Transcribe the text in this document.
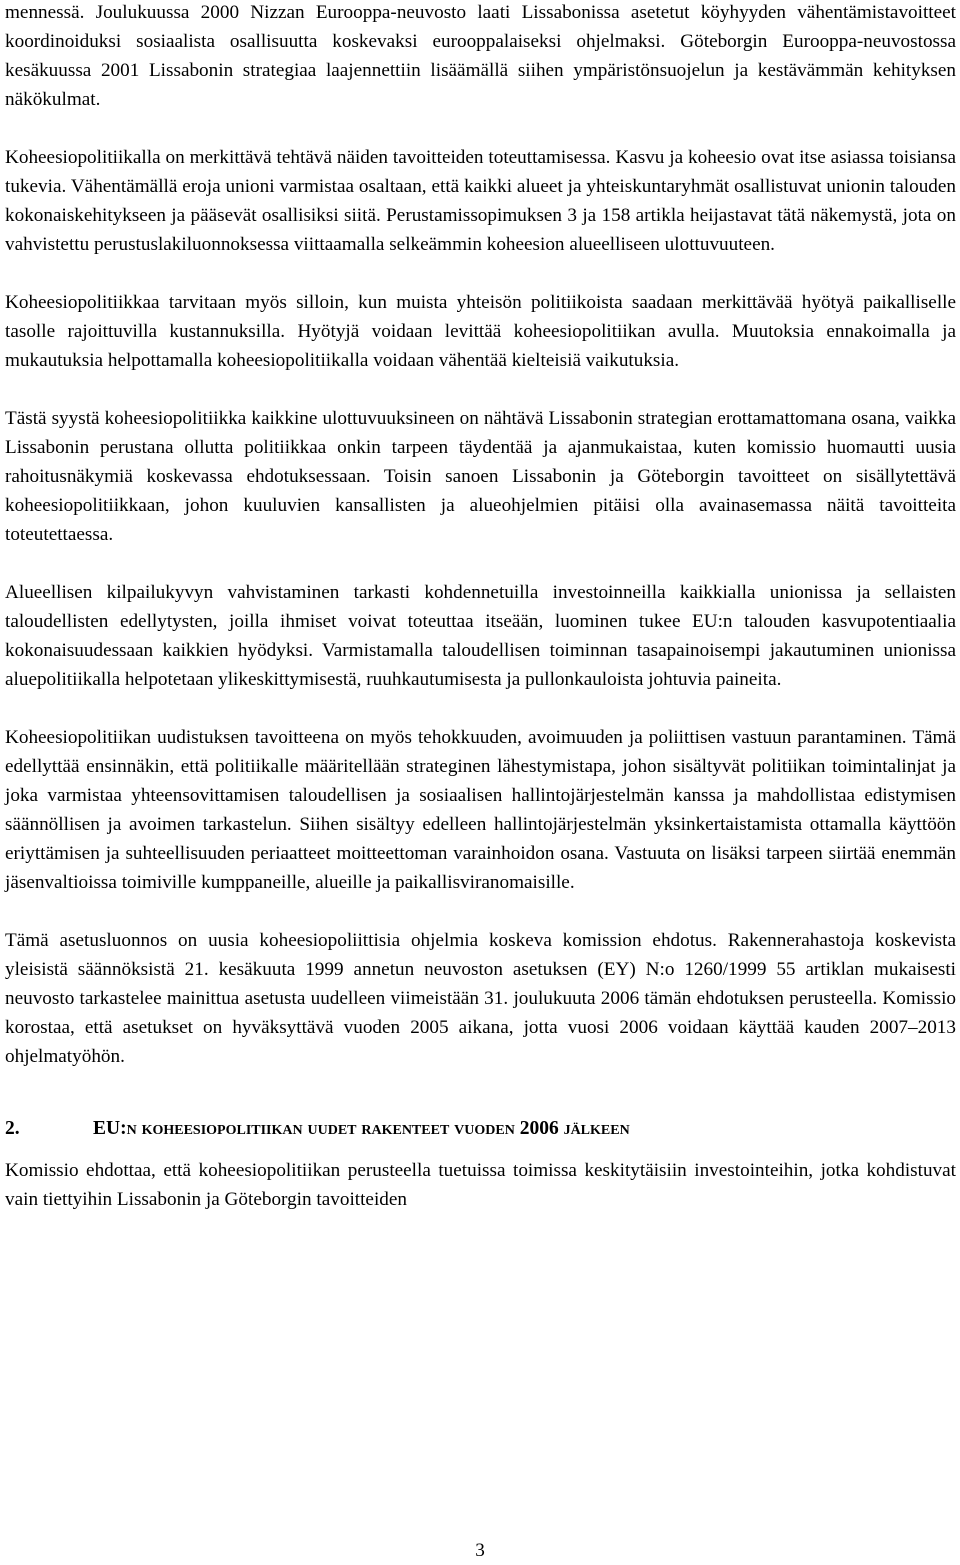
mennessä. Joulukuussa 2000 Nizzan Eurooppa-neuvosto laati Lissabonissa asetetut köyhyyden vähentämistavoitteet koordinoiduksi sosiaalista osallisuutta koskevaksi eurooppalaiseksi ohjelmaksi. Göteborgin Eurooppa-neuvostossa kesäkuussa 2001 Lissabonin strategiaa laajennettiin lisäämällä siihen ympäristönsuojelun ja kestävämmän kehityksen näkökulmat.

Koheesiopolitiikalla on merkittävä tehtävä näiden tavoitteiden toteuttamisessa. Kasvu ja koheesio ovat itse asiassa toisiansa tukevia. Vähentämällä eroja unioni varmistaa osaltaan, että kaikki alueet ja yhteiskuntaryhmät osallistuvat unionin talouden kokonaiskehitykseen ja pääsevät osallisiksi siitä. Perustamissopimuksen 3 ja 158 artikla heijastavat tätä näkemystä, jota on vahvistettu perustuslakiluonnoksessa viittaamalla selkeämmin koheesion alueelliseen ulottuvuuteen.

Koheesiopolitiikkaa tarvitaan myös silloin, kun muista yhteisön politiikoista saadaan merkittävää hyötyä paikalliselle tasolle rajoittuvilla kustannuksilla. Hyötyjä voidaan levittää koheesiopolitiikan avulla. Muutoksia ennakoimalla ja mukautuksia helpottamalla koheesiopolitiikalla voidaan vähentää kielteisiä vaikutuksia.

Tästä syystä koheesiopolitiikka kaikkine ulottuvuuksineen on nähtävä Lissabonin strategian erottamattomana osana, vaikka Lissabonin perustana ollutta politiikkaa onkin tarpeen täydentää ja ajanmukaistaa, kuten komissio huomautti uusia rahoitusnäkymiä koskevassa ehdotuksessaan. Toisin sanoen Lissabonin ja Göteborgin tavoitteet on sisällytettävä koheesiopolitiikkaan, johon kuuluvien kansallisten ja alueohjelmien pitäisi olla avainasemassa näitä tavoitteita toteutettaessa.

Alueellisen kilpailukyvyn vahvistaminen tarkasti kohdennetuilla investoinneilla kaikkialla unionissa ja sellaisten taloudellisten edellytysten, joilla ihmiset voivat toteuttaa itseään, luominen tukee EU:n talouden kasvupotentiaalia kokonaisuudessaan kaikkien hyödyksi. Varmistamalla taloudellisen toiminnan tasapainoisempi jakautuminen unionissa aluepolitiikalla helpotetaan ylikeskittymisestä, ruuhkautumisesta ja pullonkauloista johtuvia paineita.

Koheesiopolitiikan uudistuksen tavoitteena on myös tehokkuuden, avoimuuden ja poliittisen vastuun parantaminen. Tämä edellyttää ensinnäkin, että politiikalle määritellään strateginen lähestymistapa, johon sisältyvät politiikan toimintalinjat ja joka varmistaa yhteensovittamisen taloudellisen ja sosiaalisen hallintojärjestelmän kanssa ja mahdollistaa edistymisen säännöllisen ja avoimen tarkastelun. Siihen sisältyy edelleen hallintojärjestelmän yksinkertaistamista ottamalla käyttöön eriyttämisen ja suhteellisuuden periaatteet moitteettoman varainhoidon osana. Vastuuta on lisäksi tarpeen siirtää enemmän jäsenvaltioissa toimiville kumppaneille, alueille ja paikallisviranomaisille.

Tämä asetusluonnos on uusia koheesiopoliittisia ohjelmia koskeva komission ehdotus. Rakennerahastoja koskevista yleisistä säännöksistä 21. kesäkuuta 1999 annetun neuvoston asetuksen (EY) N:o 1260/1999 55 artiklan mukaisesti neuvosto tarkastelee mainittua asetusta uudelleen viimeistään 31. joulukuuta 2006 tämän ehdotuksen perusteella. Komissio korostaa, että asetukset on hyväksyttävä vuoden 2005 aikana, jotta vuosi 2006 voidaan käyttää kauden 2007–2013 ohjelmatyöhön.

2.	EU:n koheesiopolitiikan uudet rakenteet vuoden 2006 jälkeen

Komissio ehdottaa, että koheesiopolitiikan perusteella tuetuissa toimissa keskitytäisiin investointeihin, jotka kohdistuvat vain tiettyihin Lissabonin ja Göteborgin tavoitteiden

3
